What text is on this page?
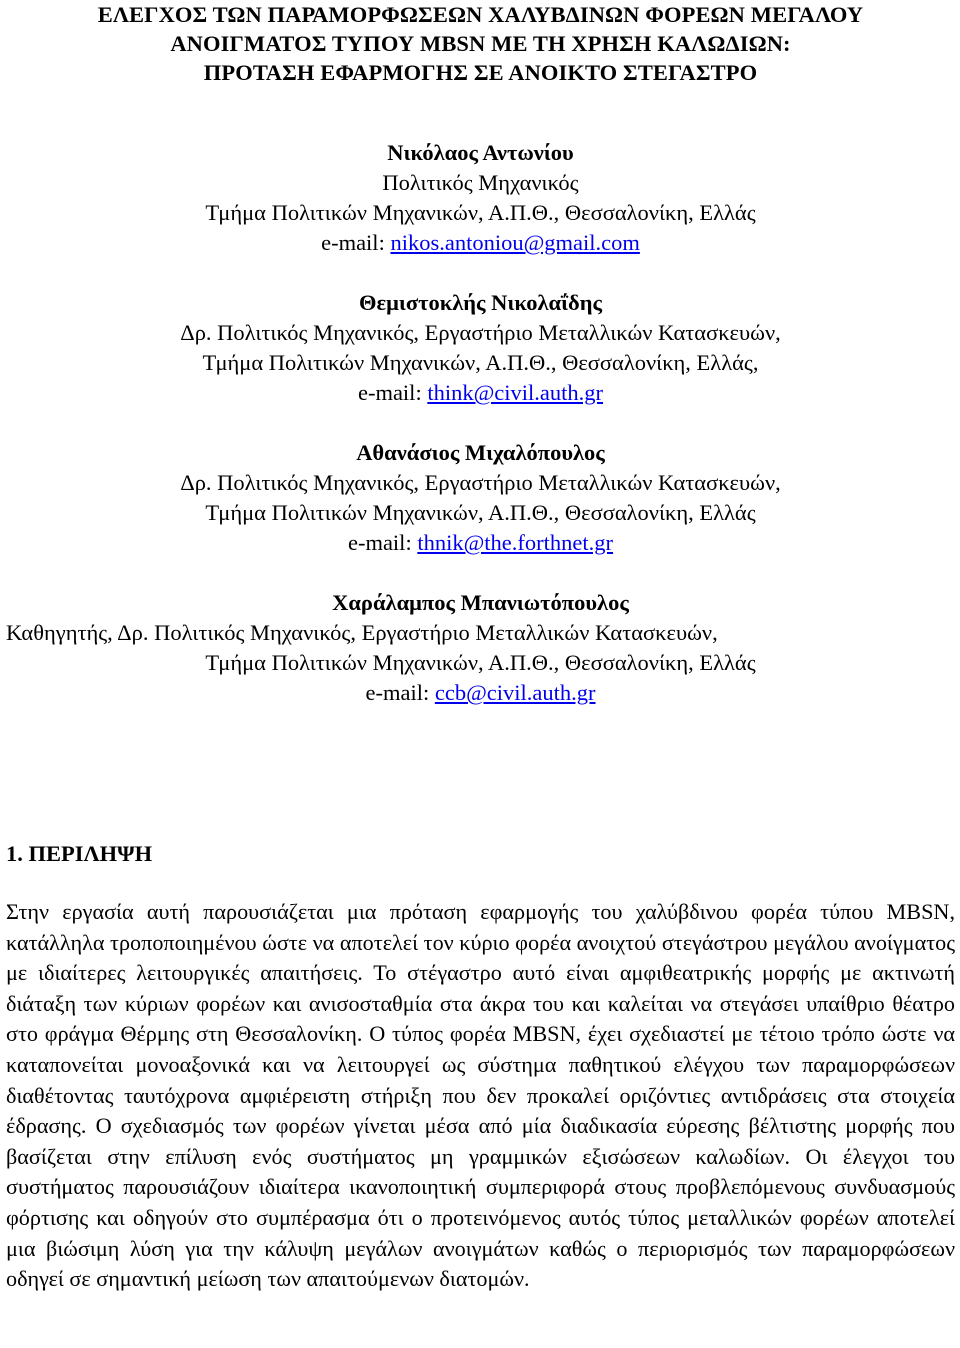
ΕΛΕΓΧΟΣ ΤΩΝ ΠΑΡΑΜΟΡΦΩΣΕΩΝ ΧΑΛΥΒΔΙΝΩΝ ΦΟΡΕΩΝ ΜΕΓΑΛΟΥ
ΑΝΟΙΓΜΑΤΟΣ ΤΥΠΟΥ MBSN ΜΕ ΤΗ ΧΡΗΣΗ ΚΑΛΩΔΙΩΝ:
ΠΡΟΤΑΣΗ ΕΦΑΡΜΟΓΗΣ ΣΕ ΑΝΟΙΚΤΟ ΣΤΕΓΑΣΤΡΟ
Νικόλαος Αντωνίου
Πολιτικός Μηχανικός
Τμήμα Πολιτικών Μηχανικών, Α.Π.Θ., Θεσσαλονίκη, Ελλάς
e-mail: nikos.antoniou@gmail.com
Θεμιστοκλής Νικολαΐδης
Δρ. Πολιτικός Μηχανικός, Εργαστήριο Μεταλλικών Κατασκευών,
Τμήμα Πολιτικών Μηχανικών, Α.Π.Θ., Θεσσαλονίκη, Ελλάς,
e-mail: think@civil.auth.gr
Αθανάσιος Μιχαλόπουλος
Δρ. Πολιτικός Μηχανικός, Εργαστήριο Μεταλλικών Κατασκευών,
Τμήμα Πολιτικών Μηχανικών, Α.Π.Θ., Θεσσαλονίκη, Ελλάς
e-mail: thnik@the.forthnet.gr
Χαράλαμπος Μπανιωτόπουλος
Καθηγητής, Δρ. Πολιτικός Μηχανικός, Εργαστήριο Μεταλλικών Κατασκευών,
Τμήμα Πολιτικών Μηχανικών, Α.Π.Θ., Θεσσαλονίκη, Ελλάς
e-mail: ccb@civil.auth.gr
1. ΠΕΡΙΛΗΨΗ

Στην εργασία αυτή παρουσιάζεται μια πρόταση εφαρμογής του χαλύβδινου φορέα τύπου MBSN, κατάλληλα τροποποιημένου ώστε να αποτελεί τον κύριο φορέα ανοιχτού στεγάστρου μεγάλου ανοίγματος με ιδιαίτερες λειτουργικές απαιτήσεις. Το στέγαστρο αυτό είναι αμφιθεατρικής μορφής με ακτινωτή διάταξη των κύριων φορέων και ανισοσταθμία στα άκρα του και καλείται να στεγάσει υπαίθριο θέατρο στο φράγμα Θέρμης στη Θεσσαλονίκη. Ο τύπος φορέα MBSN, έχει σχεδιαστεί με τέτοιο τρόπο ώστε να καταπονείται μονοαξονικά και να λειτουργεί ως σύστημα παθητικού ελέγχου των παραμορφώσεων διαθέτοντας ταυτόχρονα αμφιέρειστη στήριξη που δεν προκαλεί οριζόντιες αντιδράσεις στα στοιχεία έδρασης. Ο σχεδιασμός των φορέων γίνεται μέσα από μία διαδικασία εύρεσης βέλτιστης μορφής που βασίζεται στην επίλυση ενός συστήματος μη γραμμικών εξισώσεων καλωδίων. Οι έλεγχοι του συστήματος παρουσιάζουν ιδιαίτερα ικανοποιητική συμπεριφορά στους προβλεπόμενους συνδυασμούς φόρτισης και οδηγούν στο συμπέρασμα ότι ο προτεινόμενος αυτός τύπος μεταλλικών φορέων αποτελεί μια βιώσιμη λύση για την κάλυψη μεγάλων ανοιγμάτων καθώς ο περιορισμός των παραμορφώσεων οδηγεί σε σημαντική μείωση των απαιτούμενων διατομών.
